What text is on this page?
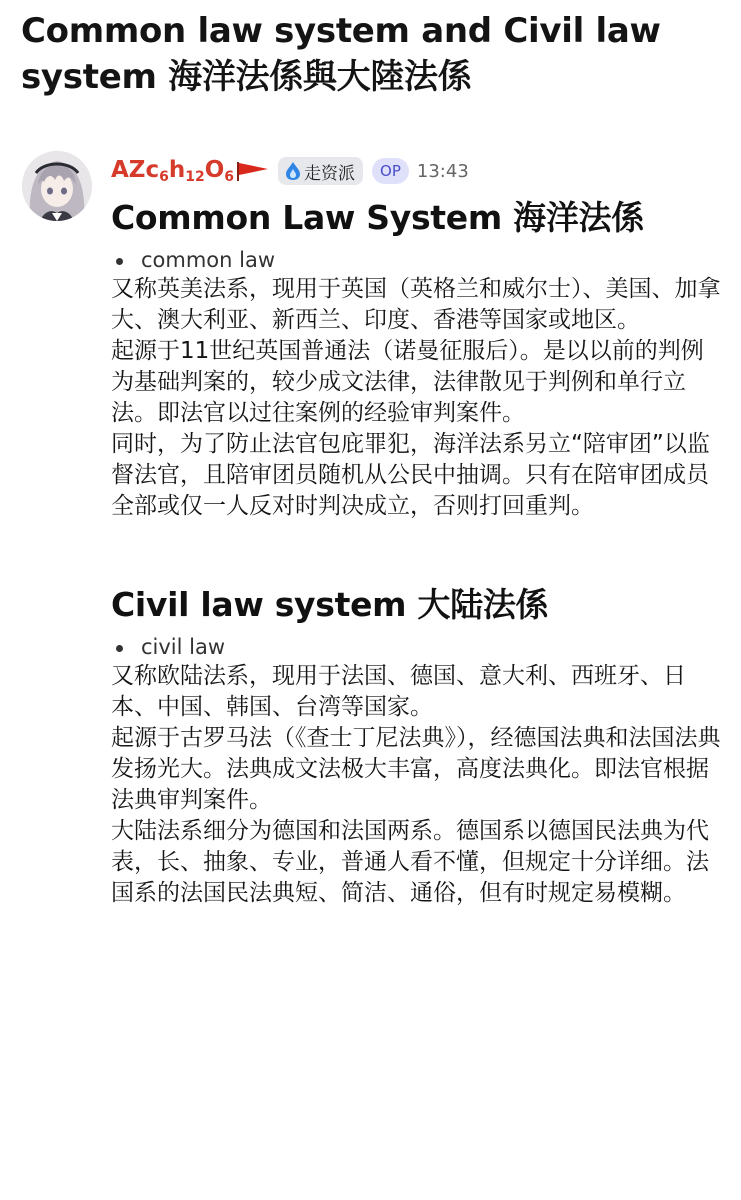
Common law system and Civil law system 海洋法係與大陸法係
$AZc_6h_{12}O_6$	走资派	OP 13:43
Common Law System 海洋法係
common law

又称英美法系，现用于英国（英格兰和威尔士）、美国、加拿大、澳大利亚、新西兰、印度、香港等国家或地区。

起源于11世纪英国普通法（诺曼征服后）。是以以前的判例为基础判案的，较少成文法律，法律散见于判例和单行立法。即法官以过往案例的经验审判案件。

同时，为了防止法官包庇罪犯，海洋法系另立“陪审团”以监督法官，且陪审团员随机从公民中抽调。只有在陪审团成员全部或仅一人反对时判决成立，否则打回重判。

Civil law system 大陆法係
civil law

又称欧陆法系，现用于法国、德国、意大利、西班牙、日本、中国、韩国、台湾等国家。

起源于古罗马法（《查士丁尼法典》），经德国法典和法国法典发扬光大。法典成文法极大丰富，高度法典化。即法官根据法典审判案件。

大陆法系细分为德国和法国两系。德国系以德国民法典为代表，长、抽象、专业，普通人看不懂，但规定十分详细。法国系的法国民法典短、简洁、通俗，但有时规定易模糊。
